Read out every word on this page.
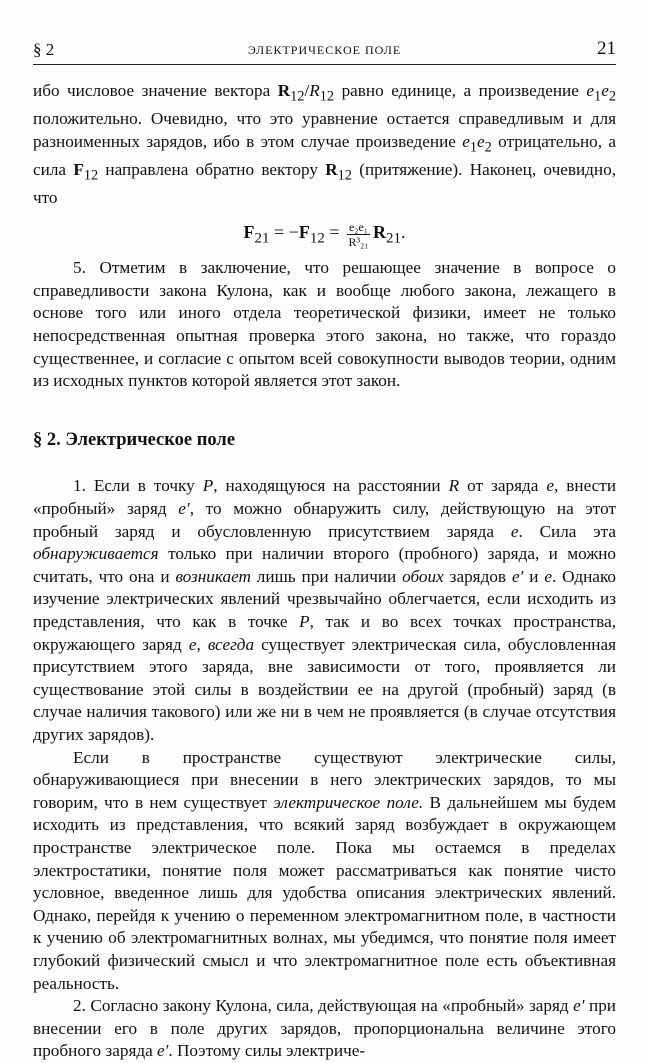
§ 2	ЭЛЕКТРИЧЕСКОЕ ПОЛЕ	21

ибо числовое значение вектора $R_{12}/R_{12}$ равно единице, а произведение $e_1e_2$ положительно. Очевидно, что это уравнение остается справедливым и для разноименных зарядов, ибо в этом случае произведение $e_1e_2$ отрицательно, а сила $F_{12}$ направлена обратно вектору $R_{12}$ (притяжение). Наконец, очевидно, что

$F_{21} = -F_{12} = \frac{\text{e₂e₁}}{\text{R³₂₁}} R_{21}$.

5. Отметим в заключение, что решающее значение в вопросе о справедливости закона Кулона, как и вообще любого закона, лежащего в основе того или иного отдела теоретической физики, имеет не только непосредственная опытная проверка этого закона, но также, что гораздо существеннее, и согласие с опытом всей совокупности выводов теории, одним из исходных пунктов которой является этот закон.

§ 2. Электрическое поле

1. Если в точку P, находящуюся на расстоянии R от заряда e, внести «пробный» заряд e′, то можно обнаружить силу, действующую на этот пробный заряд и обусловленную присутствием заряда e. Сила эта обнаруживается только при наличии второго (пробного) заряда, и можно считать, что она и возникает лишь при наличии обоих зарядов e′ и e. Однако изучение электрических явлений чрезвычайно облегчается, если исходить из представления, что как в точке P, так и во всех точках пространства, окружающего заряд e, всегда существует электрическая сила, обусловленная присутствием этого заряда, вне зависимости от того, проявляется ли существование этой силы в воздействии ее на другой (пробный) заряд (в случае наличия такового) или же ни в чем не проявляется (в случае отсутствия других зарядов).

Если в пространстве существуют электрические силы, обнаруживающиеся при внесении в него электрических зарядов, то мы говорим, что в нем существует электрическое поле. В дальнейшем мы будем исходить из представления, что всякий заряд возбуждает в окружающем пространстве электрическое поле. Пока мы остаемся в пределах электростатики, понятие поля может рассматриваться как понятие чисто условное, введенное лишь для удобства описания электрических явлений. Однако, перейдя к учению о переменном электромагнитном поле, в частности к учению об электромагнитных волнах, мы убедимся, что понятие поля имеет глубокий физический смысл и что электромагнитное поле есть объективная реальность.

2. Согласно закону Кулона, сила, действующая на «пробный» заряд e′ при внесении его в поле других зарядов, пропорциональна величине этого пробного заряда e′. Поэтому силы электриче-
